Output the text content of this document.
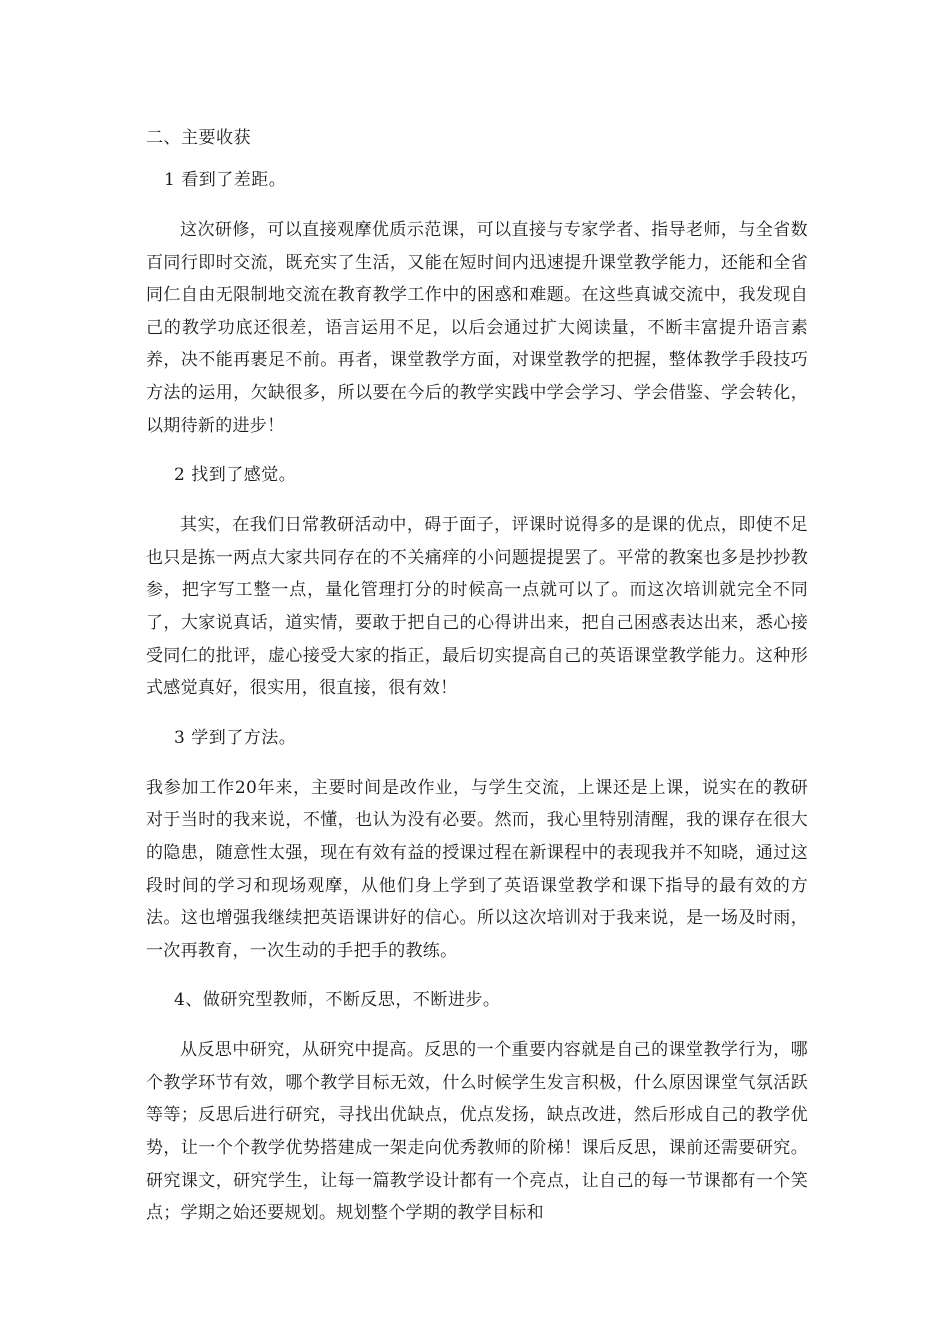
二、主要收获

1 看到了差距。

这次研修，可以直接观摩优质示范课，可以直接与专家学者、指导老师，与全省数百同行即时交流，既充实了生活，又能在短时间内迅速提升课堂教学能力，还能和全省同仁自由无限制地交流在教育教学工作中的困惑和难题。在这些真诚交流中，我发现自己的教学功底还很差，语言运用不足，以后会通过扩大阅读量，不断丰富提升语言素养，决不能再裹足不前。再者，课堂教学方面，对课堂教学的把握，整体教学手段技巧方法的运用，欠缺很多，所以要在今后的教学实践中学会学习、学会借鉴、学会转化，以期待新的进步！

2 找到了感觉。

其实，在我们日常教研活动中，碍于面子，评课时说得多的是课的优点，即使不足也只是拣一两点大家共同存在的不关痛痒的小问题提提罢了。平常的教案也多是抄抄教参，把字写工整一点，量化管理打分的时候高一点就可以了。而这次培训就完全不同了，大家说真话，道实情，要敢于把自己的心得讲出来，把自己困惑表达出来，悉心接受同仁的批评，虚心接受大家的指正，最后切实提高自己的英语课堂教学能力。这种形式感觉真好，很实用，很直接，很有效！

3 学到了方法。

我参加工作20年来，主要时间是改作业，与学生交流，上课还是上课，说实在的教研对于当时的我来说，不懂，也认为没有必要。然而，我心里特别清醒，我的课存在很大的隐患，随意性太强，现在有效有益的授课过程在新课程中的表现我并不知晓，通过这段时间的学习和现场观摩，从他们身上学到了英语课堂教学和课下指导的最有效的方法。这也增强我继续把英语课讲好的信心。所以这次培训对于我来说，是一场及时雨，一次再教育，一次生动的手把手的教练。

4、做研究型教师，不断反思，不断进步。

从反思中研究，从研究中提高。反思的一个重要内容就是自己的课堂教学行为，哪个教学环节有效，哪个教学目标无效，什么时候学生发言积极，什么原因课堂气氛活跃等等；反思后进行研究，寻找出优缺点，优点发扬，缺点改进，然后形成自己的教学优势，让一个个教学优势搭建成一架走向优秀教师的阶梯！课后反思，课前还需要研究。研究课文，研究学生，让每一篇教学设计都有一个亮点，让自己的每一节课都有一个笑点；学期之始还要规划。规划整个学期的教学目标和
